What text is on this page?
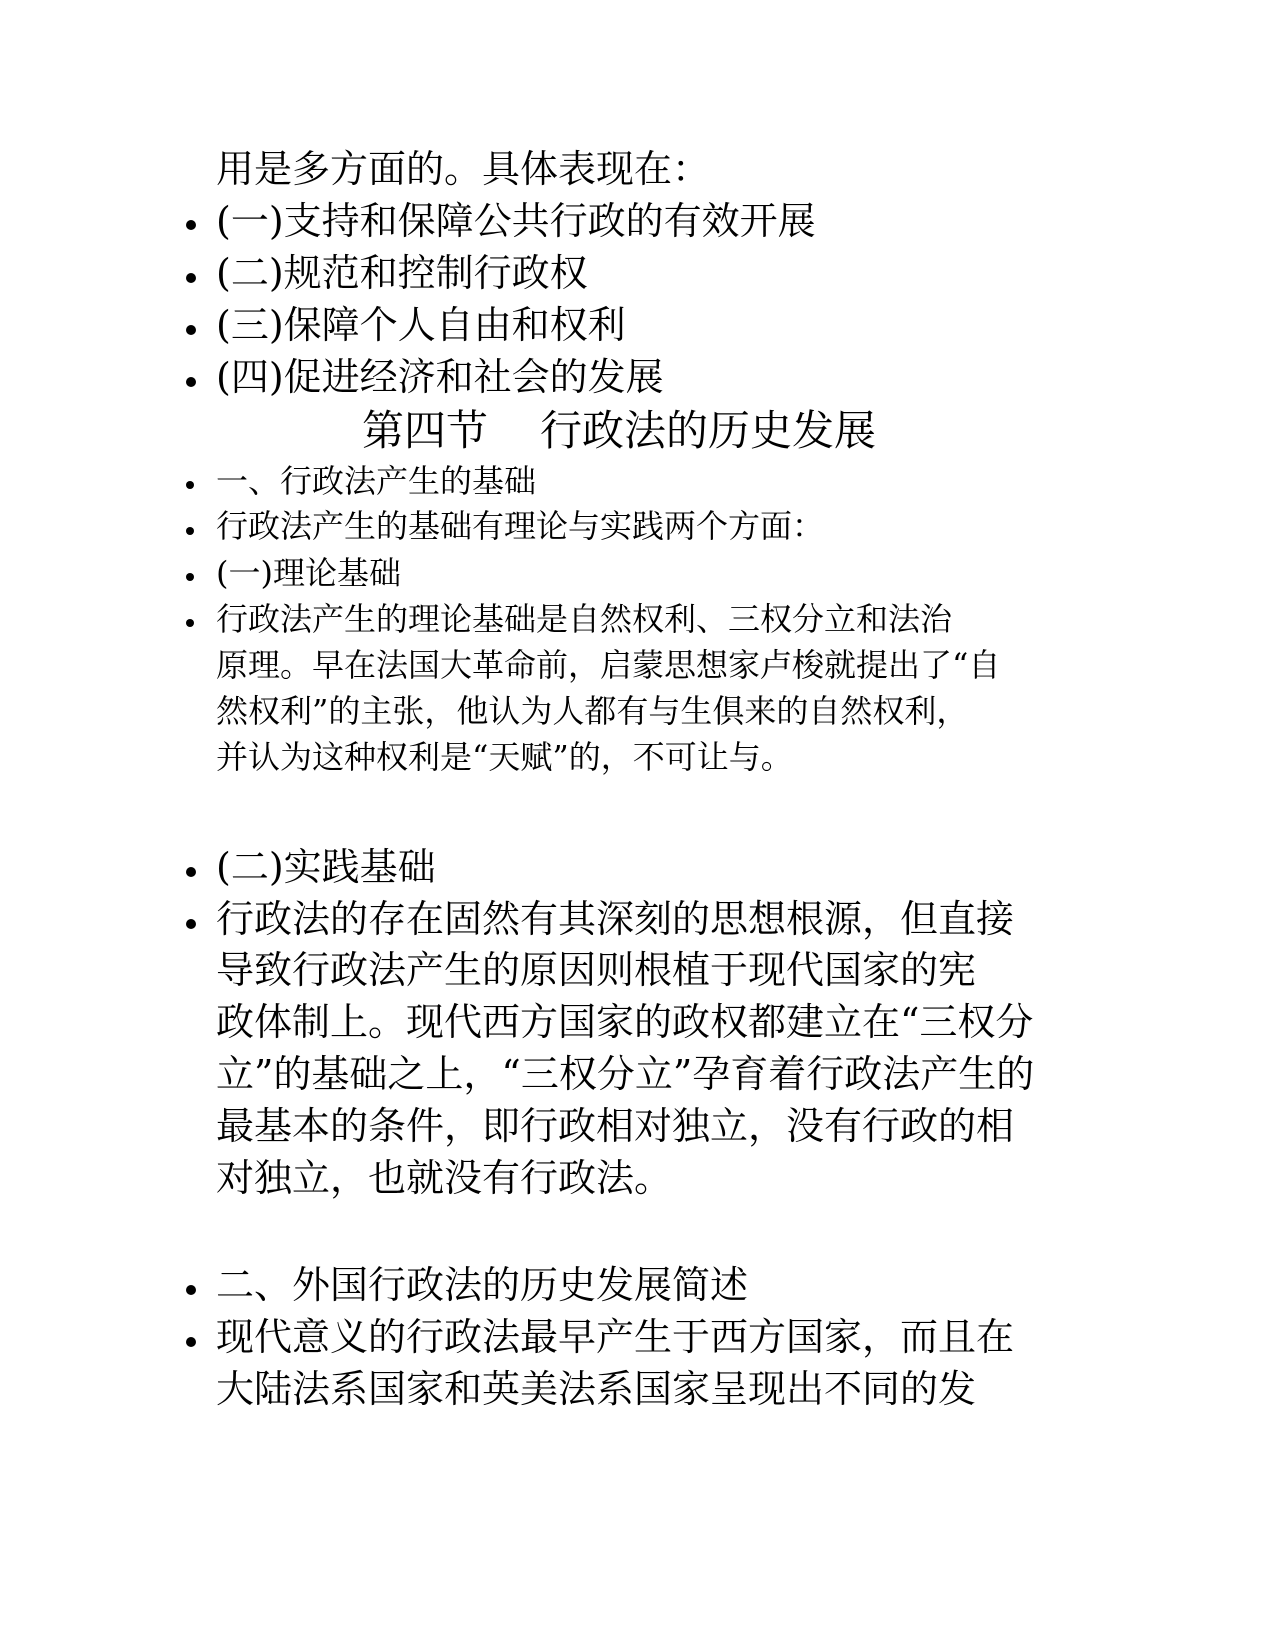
用是多方面的。具体表现在：
(一)支持和保障公共行政的有效开展
(二)规范和控制行政权
(三)保障个人自由和权利
(四)促进经济和社会的发展
第四节 行政法的历史发展
一、行政法产生的基础
行政法产生的基础有理论与实践两个方面：
(一)理论基础
行政法产生的理论基础是自然权利、三权分立和法治
原理。早在法国大革命前，启蒙思想家卢梭就提出了“自
然权利”的主张，他认为人都有与生俱来的自然权利，
并认为这种权利是“天赋”的，不可让与。
(二)实践基础
行政法的存在固然有其深刻的思想根源，但直接
导致行政法产生的原因则根植于现代国家的宪
政体制上。现代西方国家的政权都建立在“三权分
立”的基础之上，“三权分立”孕育着行政法产生的
最基本的条件，即行政相对独立，没有行政的相
对独立，也就没有行政法。
二、外国行政法的历史发展简述
现代意义的行政法最早产生于西方国家，而且在
大陆法系国家和英美法系国家呈现出不同的发
